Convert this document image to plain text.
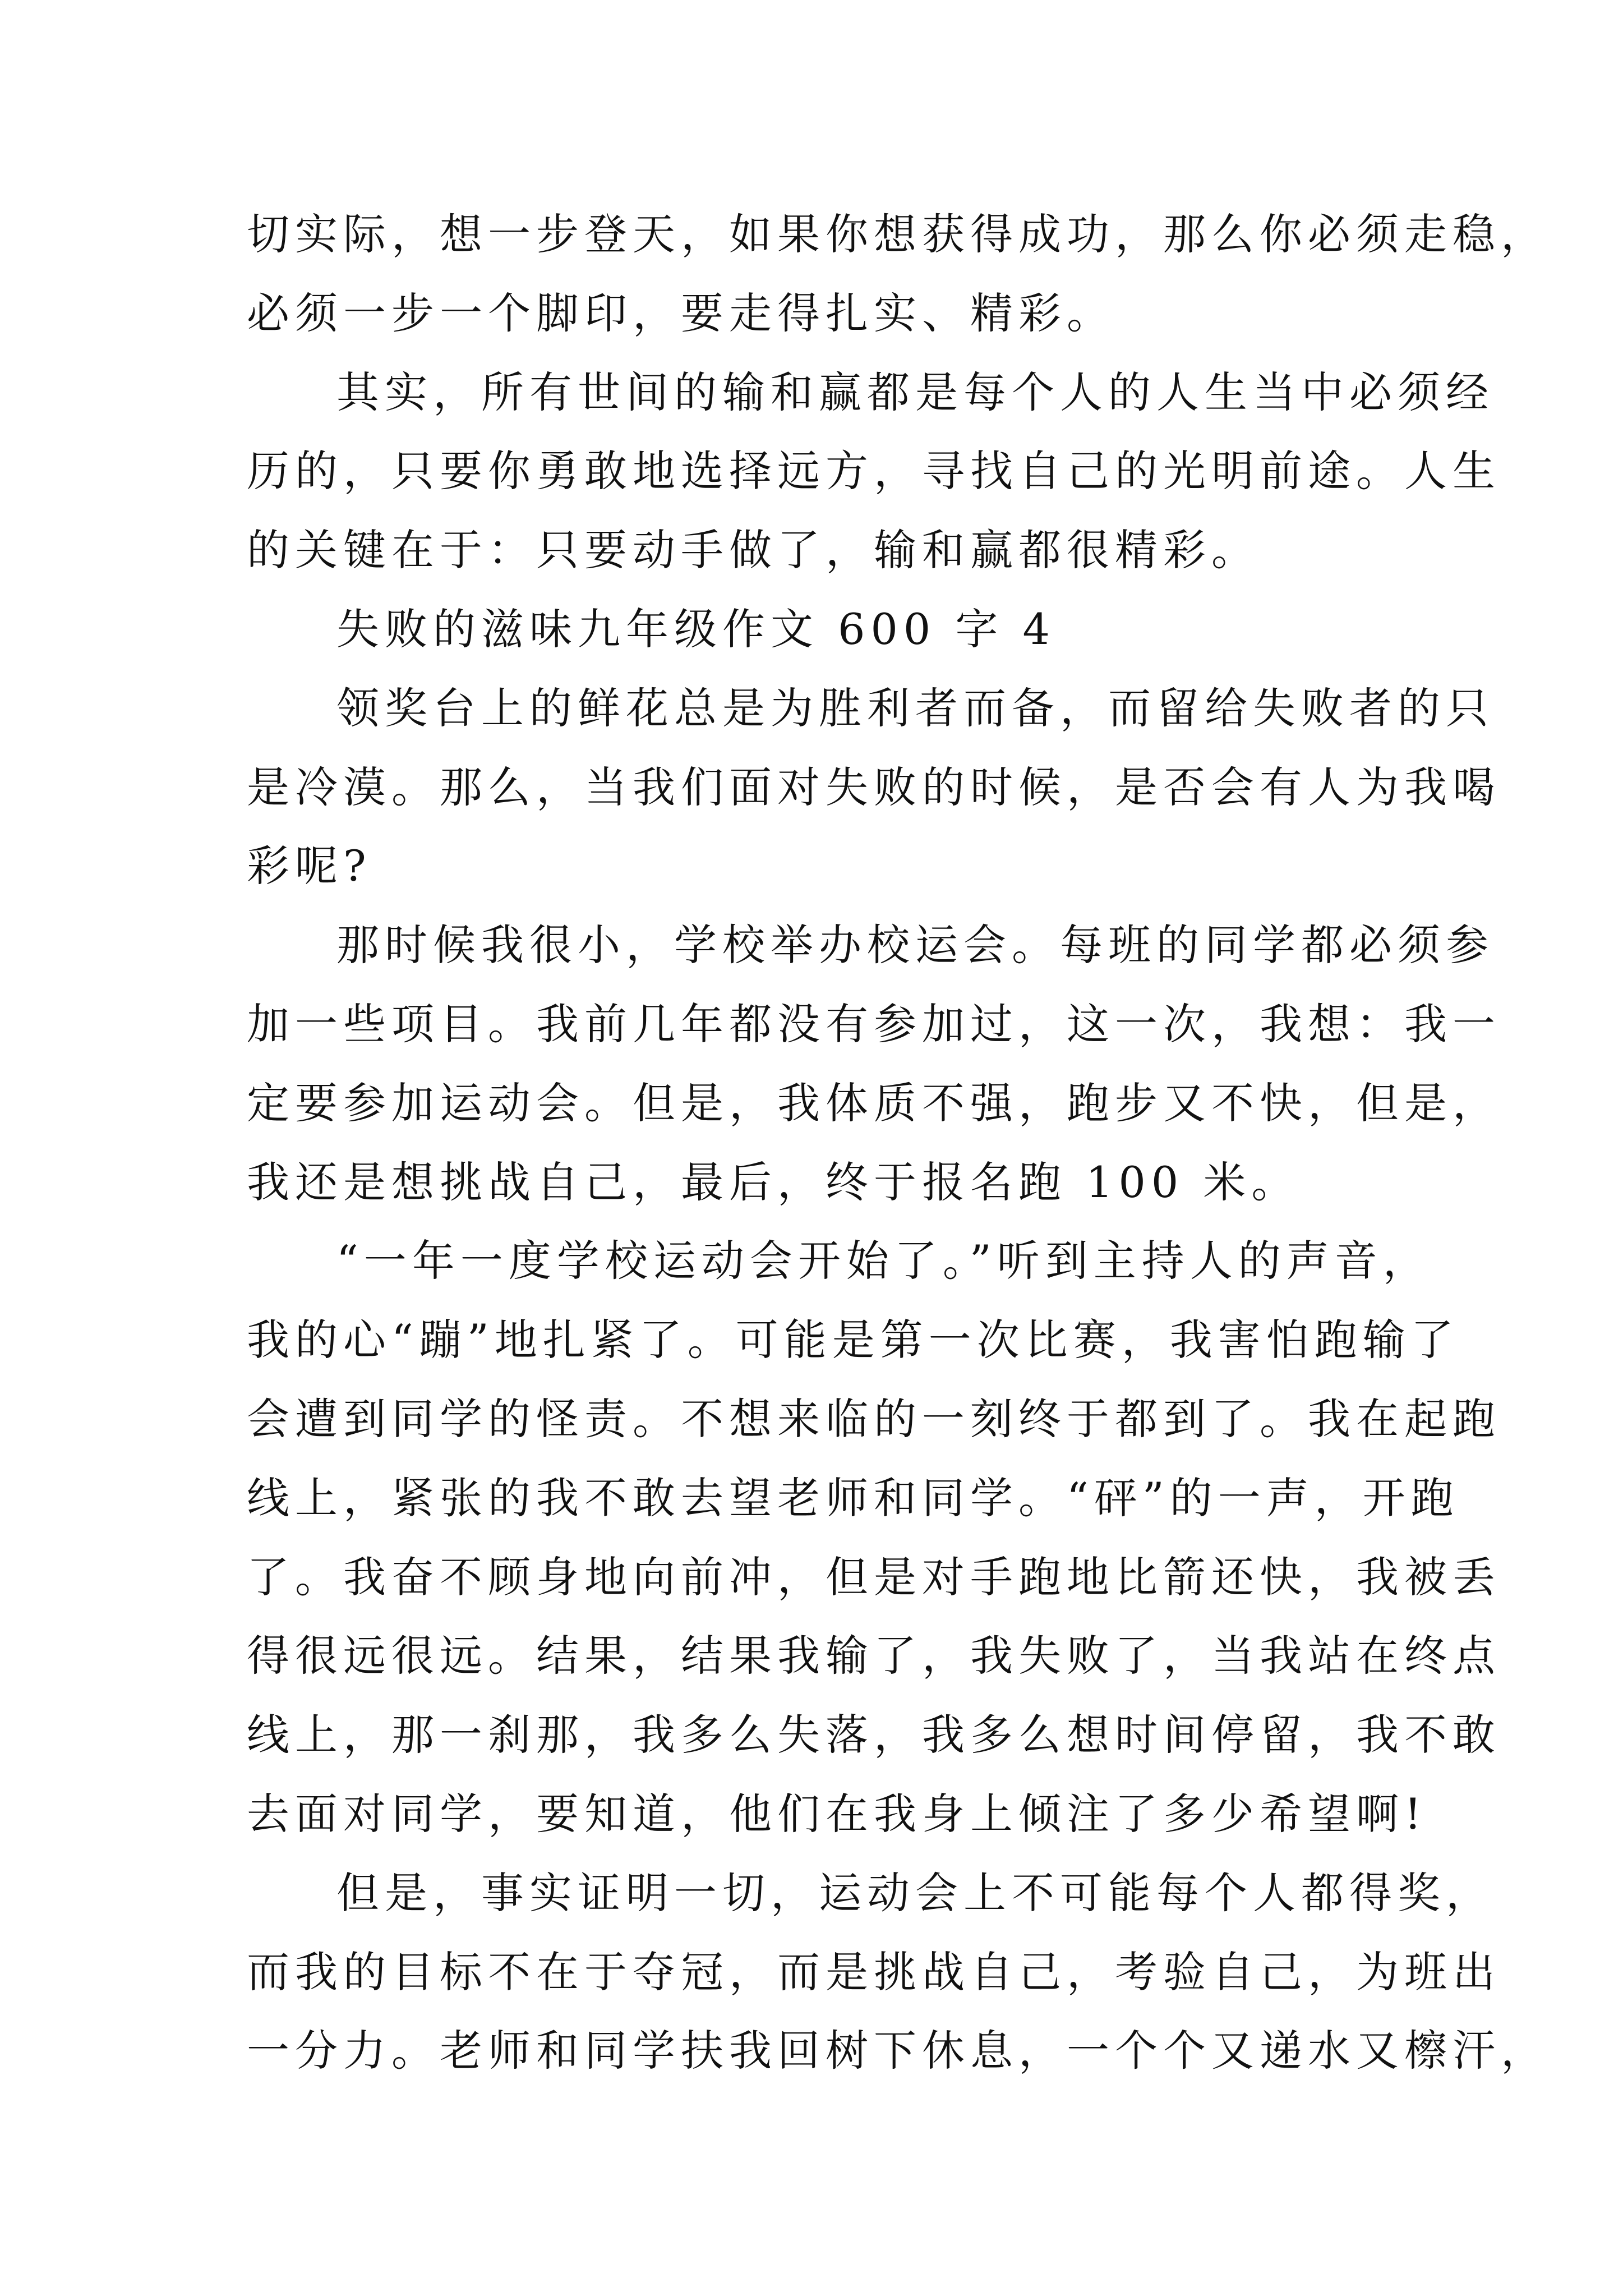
切实际，想一步登天，如果你想获得成功，那么你必须走稳，
必须一步一个脚印，要走得扎实、精彩。

其实，所有世间的输和赢都是每个人的人生当中必须经
历的，只要你勇敢地选择远方，寻找自己的光明前途。人生
的关键在于：只要动手做了，输和赢都很精彩。

失败的滋味九年级作文 600 字 4

领奖台上的鲜花总是为胜利者而备，而留给失败者的只
是冷漠。那么，当我们面对失败的时候，是否会有人为我喝
彩呢?

那时候我很小，学校举办校运会。每班的同学都必须参
加一些项目。我前几年都没有参加过，这一次，我想：我一
定要参加运动会。但是，我体质不强，跑步又不快，但是，
我还是想挑战自己，最后，终于报名跑 100 米。

“一年一度学校运动会开始了。”听到主持人的声音，
我的心“蹦”地扎紧了。可能是第一次比赛，我害怕跑输了
会遭到同学的怪责。不想来临的一刻终于都到了。我在起跑
线上，紧张的我不敢去望老师和同学。“砰”的一声，开跑
了。我奋不顾身地向前冲，但是对手跑地比箭还快，我被丢
得很远很远。结果，结果我输了，我失败了，当我站在终点
线上，那一刹那，我多么失落，我多么想时间停留，我不敢
去面对同学，要知道，他们在我身上倾注了多少希望啊!

但是，事实证明一切，运动会上不可能每个人都得奖，
而我的目标不在于夺冠，而是挑战自己，考验自己，为班出
一分力。老师和同学扶我回树下休息，一个个又递水又檫汗，
